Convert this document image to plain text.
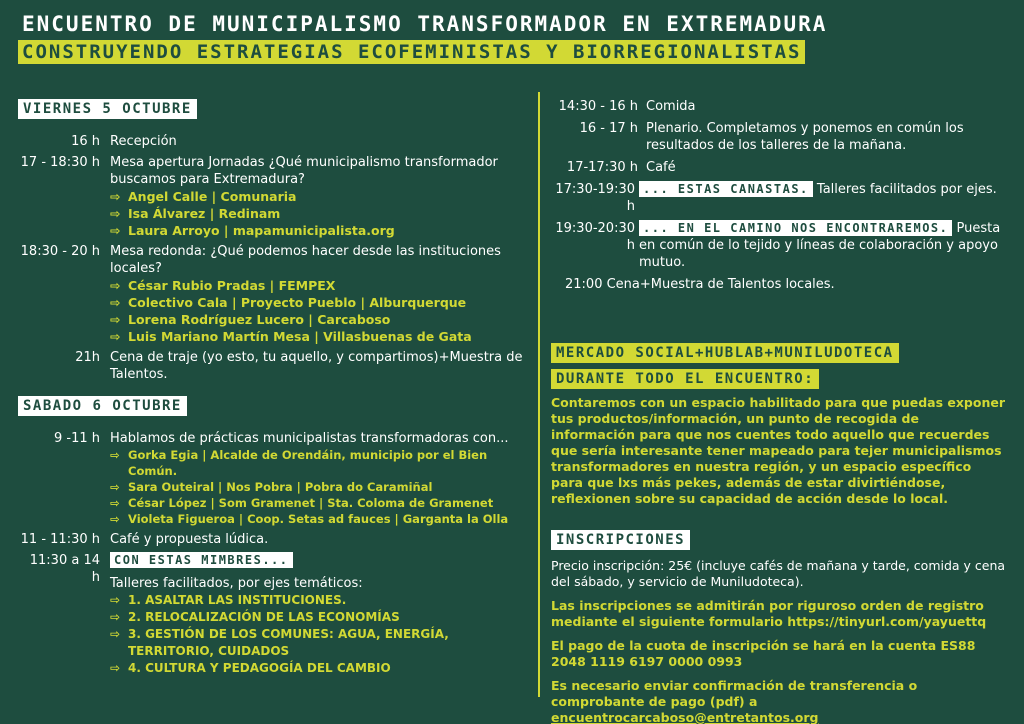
ENCUENTRO DE MUNICIPALISMO TRANSFORMADOR EN EXTREMADURA
CONSTRUYENDO ESTRATEGIAS ECOFEMINISTAS Y BIORREGIONALISTAS
VIERNES 5 OCTUBRE
16 h Recepción
17 - 18:30 h Mesa apertura Jornadas ¿Qué municipalismo transformador buscamos para Extremadura?
⇨ Angel Calle | Comunaria
⇨ Isa Álvarez | Redinam
⇨ Laura Arroyo | mapamunicipalista.org
18:30 - 20 h Mesa redonda: ¿Qué podemos hacer desde las instituciones locales?
⇨ César Rubio Pradas | FEMPEX
⇨ Colectivo Cala | Proyecto Pueblo | Alburquerque
⇨ Lorena Rodríguez Lucero | Carcaboso
⇨ Luis Mariano Martín Mesa | Villasbuenas de Gata
21h Cena de traje (yo esto, tu aquello, y compartimos)+Muestra de Talentos.
SABADO 6 OCTUBRE
9 -11 h Hablamos de prácticas municipalistas transformadoras con...
⇨ Gorka Egia | Alcalde de Orendáin, municipio por el Bien Común.
⇨ Sara Outeiral | Nos Pobra | Pobra do Caramiñal
⇨ César López | Som Gramenet | Sta. Coloma de Gramenet
⇨ Violeta Figueroa | Coop. Setas ad fauces | Garganta la Olla
11 - 11:30 h Café y propuesta lúdica.
11:30 a 14 h
CON ESTAS MIMBRES...
Talleres facilitados, por ejes temáticos:
⇨ 1. ASALTAR LAS INSTITUCIONES.
⇨ 2. RELOCALIZACIÓN DE LAS ECONOMÍAS
⇨ 3. GESTIÓN DE LOS COMUNES: AGUA, ENERGÍA, TERRITORIO, CUIDADOS
⇨ 4. CULTURA Y PEDAGOGÍA DEL CAMBIO
14:30 - 16 h Comida
16 - 17 h Plenario. Completamos y ponemos en común los resultados de los talleres de la mañana.
17-17:30 h Café
17:30-19:30 h
... ESTAS CANASTAS. Talleres facilitados por ejes.
19:30-20:30 h
... EN EL CAMINO NOS ENCONTRAREMOS. Puesta en común de lo tejido y líneas de colaboración y apoyo mutuo.
21:00 Cena+Muestra de Talentos locales.
MERCADO SOCIAL+HUBLAB+MUNILUDOTECA
DURANTE TODO EL ENCUENTRO:
Contaremos con un espacio habilitado para que puedas exponer tus productos/información, un punto de recogida de información para que nos cuentes todo aquello que recuerdes que sería interesante tener mapeado para tejer municipalismos transformadores en nuestra región, y un espacio específico para que lxs más pekes, además de estar divirtiéndose, reflexionen sobre su capacidad de acción desde lo local.
INSCRIPCIONES
Precio inscripción: 25€ (incluye cafés de mañana y tarde, comida y cena del sábado, y servicio de Muniludoteca).
Las inscripciones se admitirán por riguroso orden de registro mediante el siguiente formulario https://tinyurl.com/yayuettq
El pago de la cuota de inscripción se hará en la cuenta ES88 2048 1119 6197 0000 0993
Es necesario enviar confirmación de transferencia o comprobante de pago (pdf) a encuentrocarcaboso@entretantos.org
